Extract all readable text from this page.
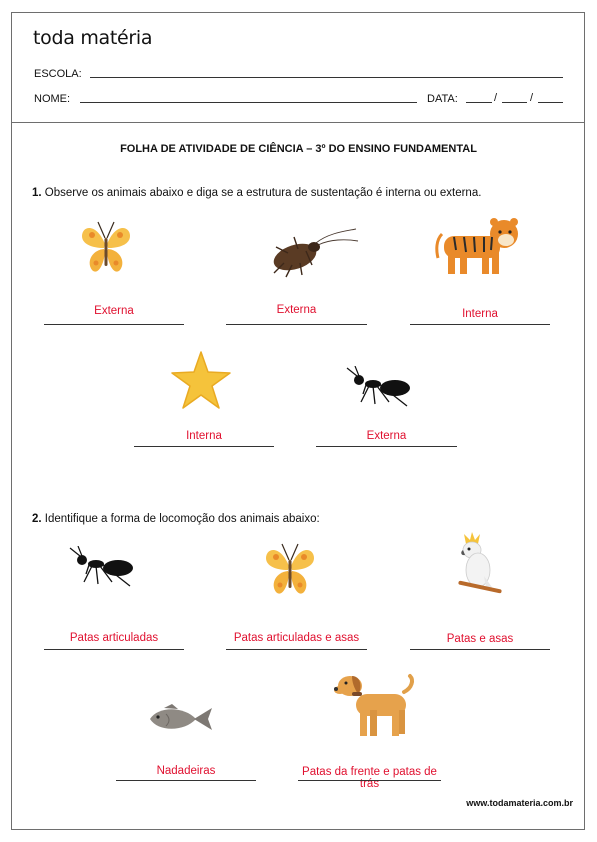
toda matéria
ESCOLA:
NOME:	DATA:	/	/
FOLHA DE ATIVIDADE DE CIÊNCIA – 3º DO ENSINO FUNDAMENTAL
1. Observe os animais abaixo e diga se a estrutura de sustentação é interna ou externa.
Externa	Externa	Interna
Interna	Externa
2. Identifique a forma de locomoção dos animais abaixo:
Patas articuladas	Patas articuladas e asas	Patas e asas
Nadadeiras	Patas da frente e patas de trás
www.todamateria.com.br
